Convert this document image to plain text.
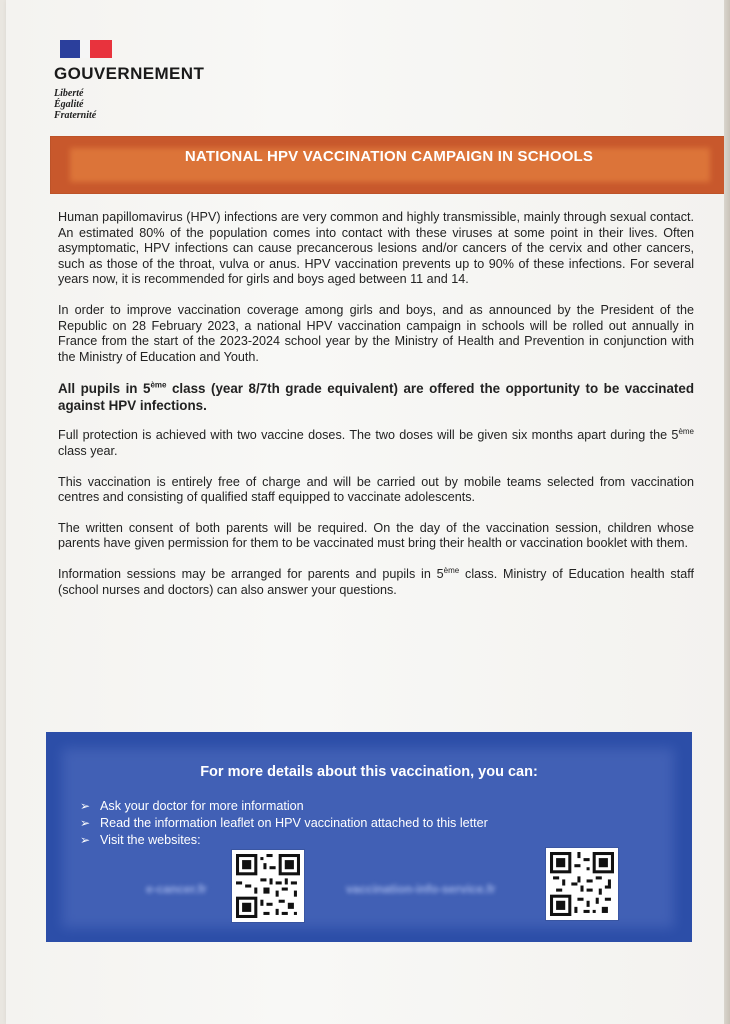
GOUVERNEMENT
Liberté
Égalité
Fraternité
NATIONAL HPV VACCINATION CAMPAIGN IN SCHOOLS

Human papillomavirus (HPV) infections are very common and highly transmissible, mainly through sexual contact. An estimated 80% of the population comes into contact with these viruses at some point in their lives. Often asymptomatic, HPV infections can cause precancerous lesions and/or cancers of the cervix and other cancers, such as those of the throat, vulva or anus. HPV vaccination prevents up to 90% of these infections. For several years now, it is recommended for girls and boys aged between 11 and 14.

In order to improve vaccination coverage among girls and boys, and as announced by the President of the Republic on 28 February 2023, a national HPV vaccination campaign in schools will be rolled out annually in France from the start of the 2023-2024 school year by the Ministry of Health and Prevention in conjunction with the Ministry of Education and Youth.

All pupils in 5ème class (year 8/7th grade equivalent) are offered the opportunity to be vaccinated against HPV infections.

Full protection is achieved with two vaccine doses. The two doses will be given six months apart during the 5ème class year.

This vaccination is entirely free of charge and will be carried out by mobile teams selected from vaccination centres and consisting of qualified staff equipped to vaccinate adolescents.

The written consent of both parents will be required. On the day of the vaccination session, children whose parents have given permission for them to be vaccinated must bring their health or vaccination booklet with them.

Information sessions may be arranged for parents and pupils in 5ème class. Ministry of Education health staff (school nurses and doctors) can also answer your questions.

For more details about this vaccination, you can:
➢ Ask your doctor for more information
➢ Read the information leaflet on HPV vaccination attached to this letter
➢ Visit the websites:
e-cancer.fr	vaccination-info-service.fr
